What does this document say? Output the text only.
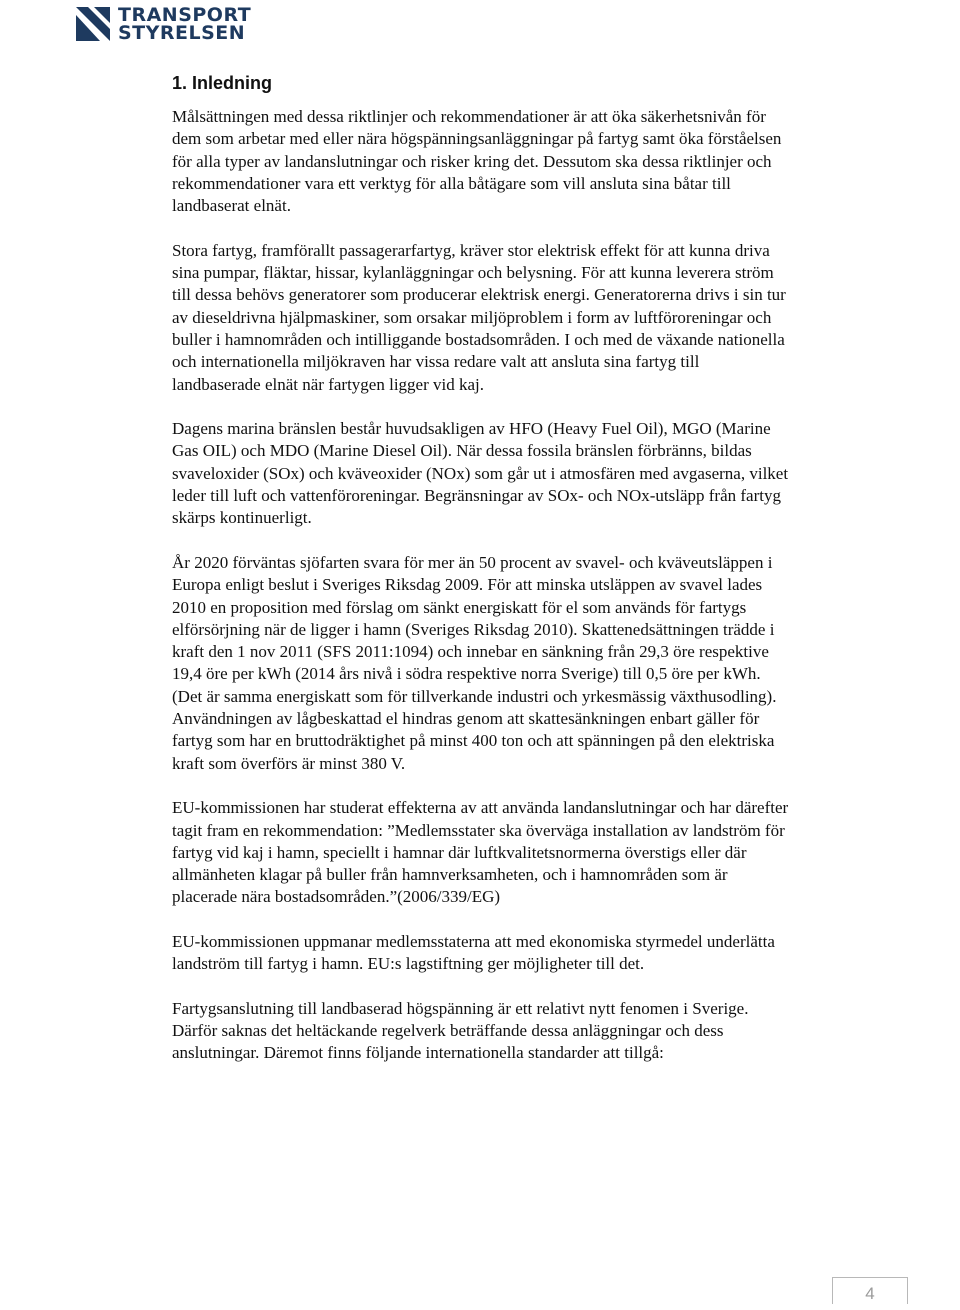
TRANSPORT
STYRELSEN
1. Inledning

Målsättningen med dessa riktlinjer och rekommendationer är att öka säkerhetsnivån för dem som arbetar med eller nära högspänningsanläggningar på fartyg samt öka förståelsen för alla typer av landanslutningar och risker kring det. Dessutom ska dessa riktlinjer och rekommendationer vara ett verktyg för alla båtägare som vill ansluta sina båtar till landbaserat elnät.

Stora fartyg, framförallt passagerarfartyg, kräver stor elektrisk effekt för att kunna driva sina pumpar, fläktar, hissar, kylanläggningar och belysning. För att kunna leverera ström till dessa behövs generatorer som producerar elektrisk energi. Generatorerna drivs i sin tur av dieseldrivna hjälpmaskiner, som orsakar miljöproblem i form av luftföroreningar och buller i hamnområden och intilliggande bostadsområden. I och med de växande nationella och internationella miljökraven har vissa redare valt att ansluta sina fartyg till landbaserade elnät när fartygen ligger vid kaj.

Dagens marina bränslen består huvudsakligen av HFO (Heavy Fuel Oil), MGO (Marine Gas OIL) och MDO (Marine Diesel Oil). När dessa fossila bränslen förbränns, bildas svaveloxider (SOx) och kväveoxider (NOx) som går ut i atmosfären med avgaserna, vilket leder till luft och vattenföroreningar. Begränsningar av SOx- och NOx-utsläpp från fartyg skärps kontinuerligt.

År 2020 förväntas sjöfarten svara för mer än 50 procent av svavel- och kväveutsläppen i Europa enligt beslut i Sveriges Riksdag 2009. För att minska utsläppen av svavel lades 2010 en proposition med förslag om sänkt energiskatt för el som används för fartygs elförsörjning när de ligger i hamn (Sveriges Riksdag 2010). Skattenedsättningen trädde i kraft den 1 nov 2011 (SFS 2011:1094) och innebar en sänkning från 29,3 öre respektive 19,4 öre per kWh (2014 års nivå i södra respektive norra Sverige) till 0,5 öre per kWh. (Det är samma energiskatt som för tillverkande industri och yrkesmässig växthusodling). Användningen av lågbeskattad el hindras genom att skattesänkningen enbart gäller för fartyg som har en bruttodräktighet på minst 400 ton och att spänningen på den elektriska kraft som överförs är minst 380 V.

EU-kommissionen har studerat effekterna av att använda landanslutningar och har därefter tagit fram en rekommendation: ”Medlemsstater ska överväga installation av landström för fartyg vid kaj i hamn, speciellt i hamnar där luftkvalitetsnormerna överstigs eller där allmänheten klagar på buller från hamnverksamheten, och i hamnområden som är placerade nära bostadsområden.”(2006/339/EG)

EU-kommissionen uppmanar medlemsstaterna att med ekonomiska styrmedel underlätta landström till fartyg i hamn. EU:s lagstiftning ger möjligheter till det.

Fartygsanslutning till landbaserad högspänning är ett relativt nytt fenomen i Sverige. Därför saknas det heltäckande regelverk beträffande dessa anläggningar och dess anslutningar. Däremot finns följande internationella standarder att tillgå:

4
